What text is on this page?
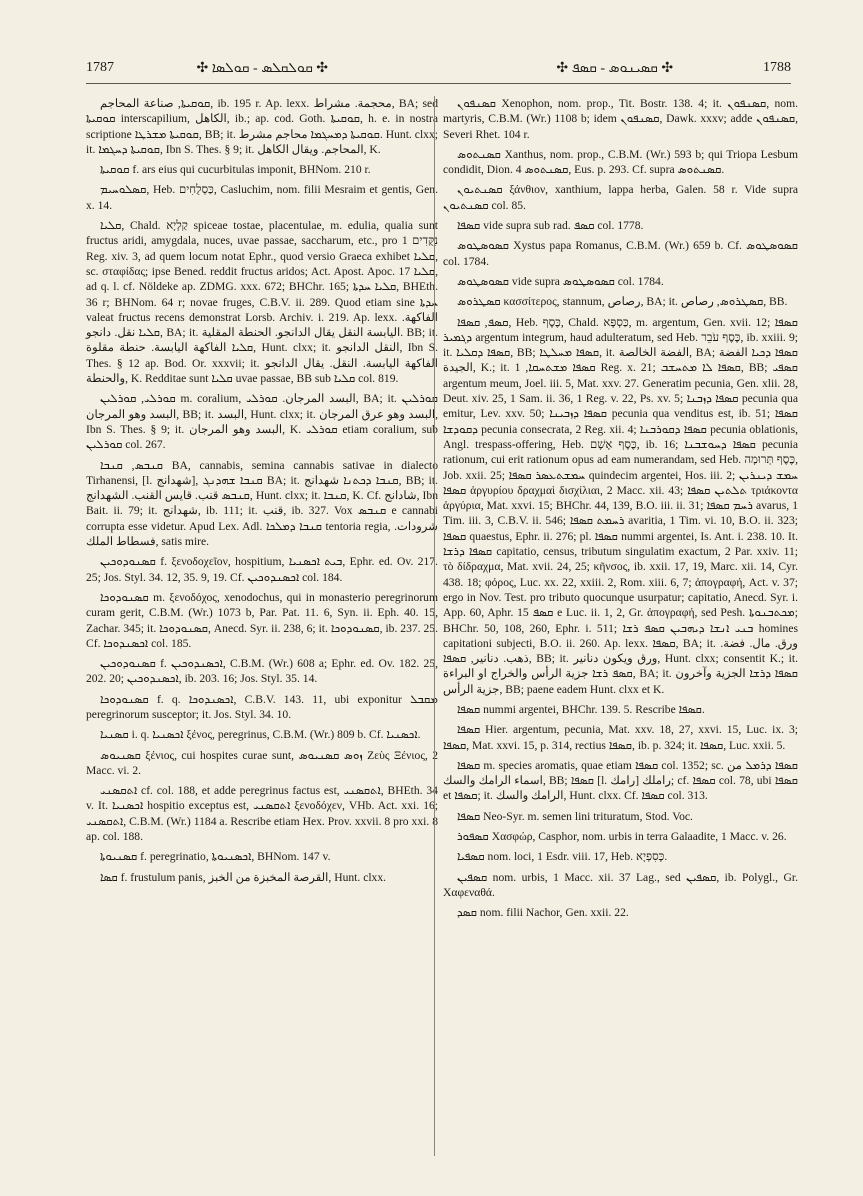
1787	✣ ܩܘܠܩܠܣ - ܩܘܠܣܐ ✣	✣ ܩܣܝܢܘܣ - ܩܣܦ ✣	1788

ܩܘܩܝܬܐ, صناعة المحاجم, ib. 195 r. Ap. lexx. محجمة. مشراط, BA; sed ܩܘܩܝܬܐ interscapilium, الكاهل, ib.; ap. cod. Goth. ܩܘܩܝܬܐ, h. e. in nostra scriptione ܩܘܩܝܬܐ ܡܫܪܛܐ, BB; it. ܩܘܩܝܬܐ ܕܡܚܓܡܐ محاجم مشرط. Hunt. clxx; it. ܩܘܩܝܬܐ ܕܚܓܡܐ, Ibn S. Thes. § 9; it. المحاجم. ويقال الكاهل, K.

ܩܘܩܝܬܐ f. ars eius qui cucurbitulas imponit, BHNom. 210 r.

ܩܣܠܘܚܝܡ, Heb. כַּסְלֻחִים, Casluchim, nom. filii Mesraim et gentis, Gen. x. 14.

ܩܠܝܐ, Chald. קַלְיָא spiceae tostae, placentulae, m. edulia, qualia sunt fructus aridi, amygdala, nuces, uvae passae, saccharum, etc., pro נִקֻּדִים 1 Reg. xiv. 3, ad quem locum notat Ephr., quod versio Graeca exhibet ܩܠܝܐ, sc. σταφίδας; ipse Bened. reddit fructus aridos; Act. Apost. Apoc. ܩܠܝܐ 17, ad q. l. cf. Nöldeke ap. ZDMG. xxx. 672; BHChr. 165; ܩܠܝܐ ܚܕܬܐ, BHEth. 36 r; BHNom. 64 r; novae fruges, C.B.V. ii. 289. Quod etiam sine ܚܕܬܐ valeat fructus recens demonstrat Lorsb. Archiv. i. 219. Ap. lexx. الفاكهة. ܩܠܝܐ نقل. دانجو, BA; it. اليابسة النقل يقال الدانجو. الحنطة المقلية. BB; it. ܩܠܝܐ الفاكهة اليابسة. حنطة مقلوة, Hunt. clxx; it. النقل الدانجو, Ibn S. Thes. § 12 ap. Bod. Or. xxxvii; it. الفاكهة اليابسة. النقل. يقال الدانجو والحنطة, K. Redditae sunt ܩܠܝܐ uvae passae, BB sub ܩܠܝܐ col. 819.

ܩܘܪܠܝ, ܩܘܪܠܝܢ m. coralium, البسد المرجان. ܩܘܪܠܝ, BA; it. ܩܘܪܠܝܢ البسد وهو المرجان, BB; it. البسد, Hunt. clxx; it. البسد وهو عرق المرجان, Ibn S. Thes. § 9; it. البسد وهو المرجان, K. ܩܘܪܠܝ etiam coralium, sub ܩܘܪܠܝܢ col. 267.

ܩܢܒܣ, ܩܢܒܐ BA, cannabis, semina cannabis sativae in dialecto Tirhanensi, [l. شهدانج], ܩܢܒܐ ܫܗܕܢܓ BA; it. ܩܢܒܐ ܕܟܬܢܐ شهدانج, BB; it. ܩܢܒܣ قنب. قايس القنب. الشهدانج, Hunt. clxx; it. ܩܢܒܐ, K. Cf. شادانج, Ibn Bait. ii. 79; it. شهدانج, ib. 111; it. قنب, ib. 327. Vox ܩܢܒܣ e cannabi corrupta esse videtur. Apud Lex. Adl. ܩܢܒܐ ܕܡܠܟܐ tentoria regia, شرودات. فسطاط الملك, satis mire.

ܩܣܢܘܕܘܟܝܢ f. ξενοδοχεῖον, hospitium, ܒܝܬ ܐܟܣܢܝܐ, Ephr. ed. Ov. 217. 25; Jos. Styl. 34. 12, 35. 9, 19. Cf. ܐܟܣܢܕܘܟܝܢ col. 184.

ܩܣܢܘܕܘܟܐ m. ξενοδόχος, xenodochus, qui in monasterio peregrinorum curam gerit, C.B.M. (Wr.) 1073 b, Par. Pat. 11. 6, Syn. ii. Eph. 40. 15, Zachar. 345; it. ܩܣܢܘܕܘܟܐ, Anecd. Syr. ii. 238, 6; it. ܩܣܢܘܕܘܟܐ, ib. 237. 25. Cf. ܐܟܣܢܕܘܟܐ col. 185.

ܩܣܢܘܕܘܟܝܢ f. ܐܟܣܢܕܘܟܝܢ, C.B.M. (Wr.) 608 a; Ephr. ed. Ov. 182. 25, 202. 20; ܐܟܣܢܕܘܟܝܢ, ib. 203. 16; Jos. Styl. 35. 14.

ܩܣܢܘܕܘܟܐ f. q. ܐܟܣܢܕܘܟܐ, C.B.V. 143. 11, ubi exponitur ܡܩܒܠ peregrinorum susceptor; it. Jos. Styl. 34. 10.

ܩܣܢܝܐ i. q. ܐܟܣܢܝܐ ξένος, peregrinus, C.B.M. (Wr.) 809 b. Cf. ܐܟܣܢܝܐ.

ܩܣܢܝܘܣ ξένιος, cui hospites curae sunt, ܙܘܣ ܩܣܢܝܘܣ Ζεὺς Ξένιος, 2 Macc. vi. 2.

ܐܬܩܣܢܝ cf. col. 188, et adde peregrinus factus est, ܐܬܩܣܢܝ, BHEth. 34 v. It. ܐܟܣܢܝܐ hospitio exceptus est, ܐܬܩܣܢܝ ξενοδόχεν, VHb. Act. xxi. 16; ܐܬܩܣܢܝ, C.B.M. (Wr.) 1184 a. Rescribe etiam Hex. Prov. xxvii. 8 pro xxi. 8 ap. col. 188.

ܩܣܢܝܘܬܐ f. peregrinatio, ܐܟܣܢܝܘܬܐ, BHNom. 147 v.

ܩܣܐ f. frustulum panis, القرصة المخبزة من الخبز, Hunt. clxx.

ܩܣܢܦܘܢ Xenophon, nom. prop., Tit. Bostr. 138. 4; it. ܩܣܢܦܘܢ, nom. martyris, C.B.M. (Wr.) 1108 b; idem ܩܣܢܦܘܢ, Dawk. xxxv; adde ܩܣܢܦܘܢ, Severi Rhet. 104 r.

ܩܣܢܬܘܣ Xanthus, nom. prop., C.B.M. (Wr.) 593 b; qui Triopa Lesbum condidit, Dion. ܩܣܢܬܘܣ 4, Eus. p. 293. Cf. supra ܩܣܢܬܘܣ.

ܩܣܢܬܝܘܢ ξάνθιον, xanthium, lappa herba, Galen. 58 r. Vide supra ܩܣܢܬܝܘܢ col. 85.

ܩܣܦܐ vide supra sub rad. ܩܣܦ col. 1778.

ܩܣܘܣܛܘܣ Xystus papa Romanus, C.B.M. (Wr.) 659 b. Cf. ܩܣܘܣܛܘܣ col. 1784.

ܩܣܘܣܛܘܣ vide supra ܩܣܘܣܛܘܣ col. 1784.

ܩܣܛܪܘܣ κασσίτερος, stannum, رصاص, BA; it. ܩܣܛܪܘܣ, رصاص, BB.

ܩܣܦ, ܩܣܦܐ, Heb. כֶּסֶף, Chald. כַּסְפָּא, m. argentum, Gen. xvii. 12; ܩܣܦܐ ܕܓܡܝܪ argentum integrum, haud adulteratum, sed Heb. כֶּסֶף עֹבֵר, ib. xxiii. 9; it. ܩܣܦܐ ܕܩܠܝܐ, BB; ܩܣܦܐ ܡܚܠܛܐ, it. الفضة الخالصة, BA; ܩܣܦܐ ܕܟܝܐ الفضة الجيدة, K.; it. ܩܣܦܐ ܡܫܬܚܩܐ, 1 Reg. x. 21; ܩܣܦܐ ܠܐ ܡܬܚܫܒ, BB; ܩܣܦܝ argentum meum, Joel. iii. 5, Mat. xxv. 27. Generatim pecunia, Gen. xlii. 28, Deut. xiv. 25, 1 Sam. ii. 36, 1 Reg. v. 22, Ps. xv. 5; ܩܣܦܐ ܕܙܒܢܐ pecunia qua emitur, Lev. xxv. 50; ܩܣܦܐ ܕܙܒܝܢܐ pecunia qua venditus est, ib. 51; ܩܣܦܐ ܕܩܘܕܫܐ pecunia consecrata, 2 Reg. xii. 4; ܩܣܦܐ ܕܩܘܪܒܢܐ pecunia oblationis, Angl. trespass-offering, Heb. כֶּסֶף אָשָׁם, ib. 16; ܩܣܦܐ ܕܚܘܫܒܢܐ pecunia rationum, cui erit rationum opus ad eam numerandam, sed Heb. כֶּסֶף תְּרוּמָה, Job. xxii. 25; ܚܡܫܬܥܣܪ ܩܣܦܐ quindecim argentei, Hos. iii. 2; ܚܡܫ ܕܝܢܪܝܢ ܩܣܦܐ ἀργυρίου δραχμαὶ δισχίλιαι, 2 Macc. xii. 43; ܬܠܬܝܢ ܩܣܦܐ τριάκοντα ἀργύρια, Mat. xxvi. 15; BHChr. 44, 139, B.O. iii. ii. 31; ܪܚܡ ܩܣܦܐ avarus, 1 Tim. iii. 3, C.B.V. ii. 546; ܪܚܡܬ ܩܣܦܐ avaritia, 1 Tim. vi. 10, B.O. ii. 323; ܩܣܦܐ quaestus, Ephr. ii. 276; pl. ܩܣܦܐ nummi argentei, Is. Ant. i. 238. 10. It. ܩܣܦܐ ܕܪܫܐ capitatio, census, tributum singulatim exactum, 2 Par. xxiv. 11; τὸ δίδραχμα, Mat. xvii. 24, 25; κῆνσος, ib. xxii. 17, 19, Marc. xii. 14, Cyr. 438. 18; φόρος, Luc. xx. 22, xxiii. 2, Rom. xiii. 6, 7; ἀπογραφή, Act. v. 37; ergo in Nov. Test. pro tributo quocunque usurpatur; capitatio, Anecd. Syr. i. App. 60, Aphr. ܩܣܦ 15 e Luc. ii. 1, 2, Gr. ἀπογραφή, sed Pesh. ܡܟܬܒܢܘܬܐ; BHChr. 50, 108, 260, Ephr. i. 511; ܒܢܝ ܐܢܫܐ ܕܝܗܒܝܢ ܩܣܦ ܪܫܐ homines capitationi subjecti, B.O. ii. 260. Ap. lexx. ܩܣܦܐ, BA; it. ورق. مال. فضة. ذهب. دنانير, ܩܣܦܐ, BB; it. ورق ويكون دنانير, Hunt. clxx; consentit K.; it. ܩܣܦ ܪܫܐ جزية الرأس والخراج او البراءة, BA; it. ܩܣܦܐ ܕܪܫܐ الجزية وآخرون جزية الرأس, BB; paene eadem Hunt. clxx et K.

ܩܣܦܐ nummi argentei, BHChr. 139. 5. Rescribe ܩܣܦܐ.

ܩܣܦܐ Hier. argentum, pecunia, Mat. xxv. 18, 27, xxvi. 15, Luc. ix. 3; ܩܣܦܐ, Mat. xxvi. 15, p. 314, rectius ܩܣܦܐ, ib. p. 324; it. ܩܣܦܐ, Luc. xxii. 5.

ܩܣܦܐ m. species aromatis, quae etiam ܩܣܦܐ col. 1352; sc. ܩܣܦܐ ܕܪܡܠ من اسماء الرامك والسك, BB; ܩܣܦܐ [l. رامك] راملك; cf. ܩܣܦܐ col. 78, ubi ܩܣܦܐ et ܩܣܦܐ; it. الرامك والسك, Hunt. clxx. Cf. ܩܣܦܐ col. 313.

ܩܣܦܐ Neo-Syr. m. semen lini trituratum, Stod. Voc.

ܩܣܦܘܪ Χασφώρ, Casphor, nom. urbis in terra Galaadite, 1 Macc. v. 26.

ܩܣܦܝܐ nom. loci, 1 Esdr. viii. 17, Heb. כָּסִפְיָא.

ܩܣܦܝܢ nom. urbis, 1 Macc. xii. 37 Lag., sed ܩܣܦܝܢ, ib. Polygl., Gr. Χαφεναθά.

ܩܣܕ nom. filii Nachor, Gen. xxii. 22.
